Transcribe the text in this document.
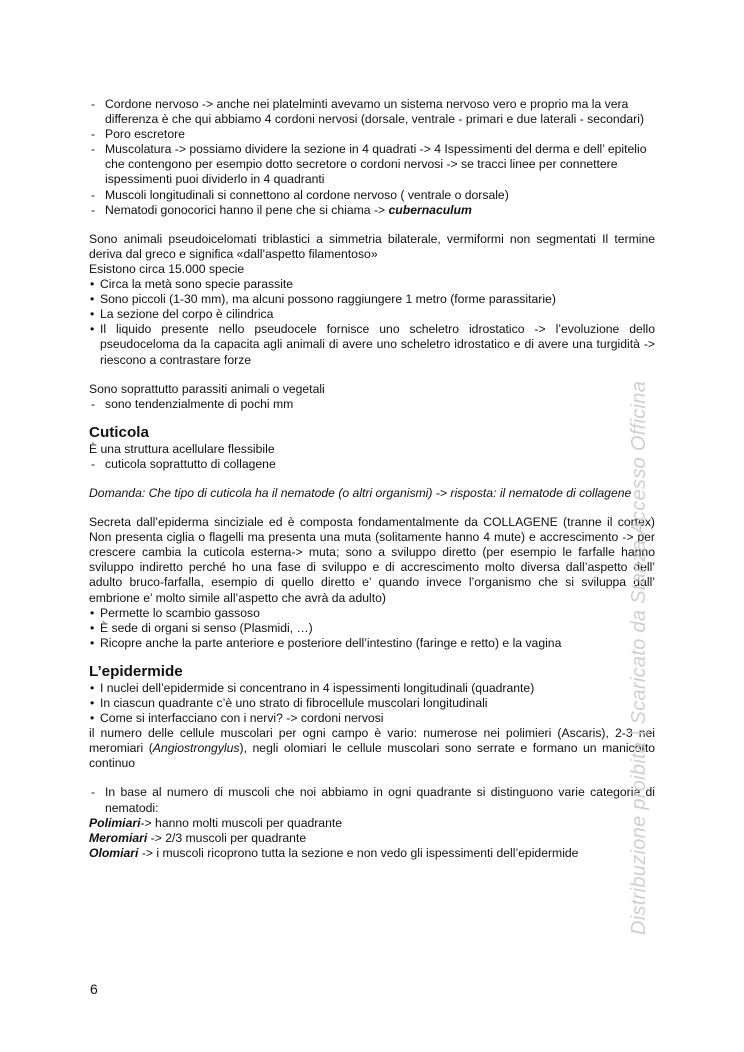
- Cordone nervoso -> anche nei platelminti avevamo un sistema nervoso vero e proprio ma la vera differenza è che qui abbiamo 4 cordoni nervosi (dorsale, ventrale - primari e due laterali - secondari)
- Poro escretore
- Muscolatura -> possiamo dividere la sezione in 4 quadrati -> 4 Ispessimenti del derma e dell’ epitelio che contengono per esempio dotto secretore o cordoni nervosi -> se tracci linee per connettere ispessimenti puoi dividerlo in 4 quadranti
- Muscoli longitudinali si connettono al cordone nervoso ( ventrale o dorsale)
- Nematodi gonocorici hanno il pene che si chiama -> cubernaculum

Sono animali pseudoicelomati triblastici a simmetria bilaterale, vermiformi non segmentati Il termine deriva dal greco e significa «dall’aspetto filamentoso»

Esistono circa 15.000 specie

• Circa la metà sono specie parassite
• Sono piccoli (1-30 mm), ma alcuni possono raggiungere 1 metro (forme parassitarie)
• La sezione del corpo è cilindrica
• Il liquido presente nello pseudocele fornisce uno scheletro idrostatico -> l’evoluzione dello pseudoceloma da la capacita agli animali di avere uno scheletro idrostatico e di avere una turgidità -> riescono a contrastare forze

Sono soprattutto parassiti animali o vegetali

- sono tendenzialmente di pochi mm
Cuticola

È una struttura acellulare flessibile

- cuticola soprattutto di collagene

Domanda: Che tipo di cuticola ha il nematode (o altri organismi) -> risposta: il nematode di collagene

Secreta dall’epidermа sinciziale ed è composta fondamentalmente da COLLAGENE (tranne il cortex) Non presenta ciglia o flagelli ma presenta una muta (solitamente hanno 4 mute) e accrescimento -> per crescere cambia la cuticola esterna-> muta; sono a sviluppo diretto (per esempio le farfalle hanno sviluppo indiretto perché ho una fase di sviluppo e di accrescimento molto diversa dall’aspetto dell’ adulto bruco-farfalla, esempio di quello diretto e’ quando invece l’organismo che si sviluppa dall’ embrione e’ molto simile all’aspetto che avrà da adulto)

• Permette lo scambio gassoso
• È sede di organi si senso (Plasmidi, …)
• Ricopre anche la parte anteriore e posteriore dell’intestino (faringe e retto) e la vagina
L’epidermide
• I nuclei dell’epidermide si concentrano in 4 ispessimenti longitudinali (quadrante)
• In ciascun quadrante c’è uno strato di fibrocellule muscolari longitudinali
• Come si interfacciano con i nervi? -> cordoni nervosi

il numero delle cellule muscolari per ogni campo è vario: numerose nei polimieri (Ascaris), 2-3 nei meromiari (Angiostrongylus), negli olomiari le cellule muscolari sono serrate e formano un manicotto continuo

- In base al numero di muscoli che noi abbiamo in ogni quadrante si distinguono varie categorie di nematodi:

Polimiari-> hanno molti muscoli per quadrante

Meromiari -> 2/3 muscoli per quadrante

Olomiari -> i muscoli ricoprono tutta la sezione e non vedo gli ispessimenti dell’epidermide	Distribuzione proibita | Scaricato da Stanza Accesso Officina
6
